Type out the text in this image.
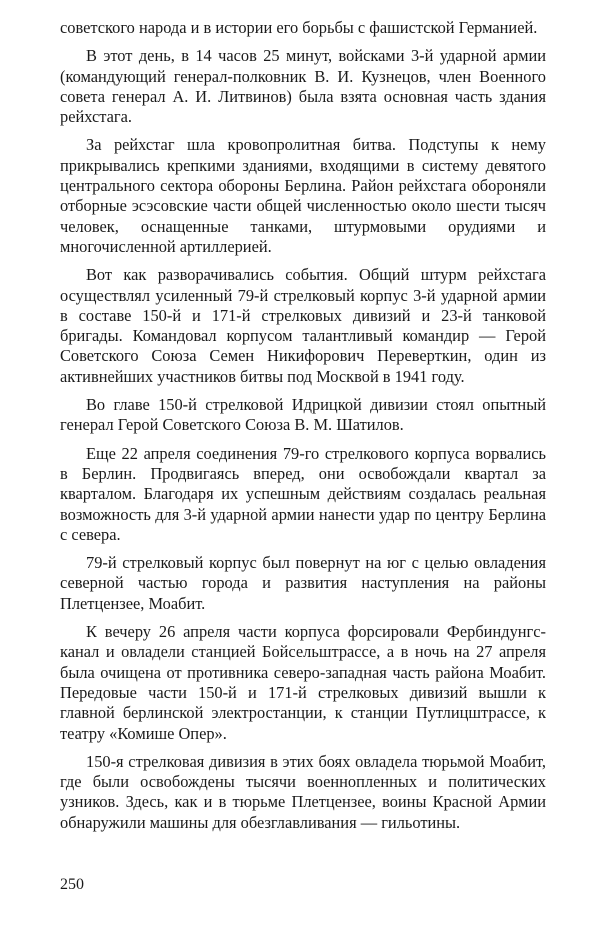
советского народа и в истории его борьбы с фашистской Германией.

В этот день, в 14 часов 25 минут, войсками 3-й ударной армии (командующий генерал-полковник В. И. Кузнецов, член Военного совета генерал А. И. Литвинов) была взята основная часть здания рейхстага.

За рейхстаг шла кровопролитная битва. Подступы к нему прикрывались крепкими зданиями, входящими в систему девятого центрального сектора обороны Берлина. Район рейхстага обороняли отборные эсэсовские части общей численностью около шести тысяч человек, оснащенные танками, штурмовыми орудиями и многочисленной артиллерией.

Вот как разворачивались события. Общий штурм рейхстага осуществлял усиленный 79-й стрелковый корпус 3-й ударной армии в составе 150-й и 171-й стрелковых дивизий и 23-й танковой бригады. Командовал корпусом талантливый командир — Герой Советского Союза Семен Никифорович Переверткин, один из активнейших участников битвы под Москвой в 1941 году.

Во главе 150-й стрелковой Идрицкой дивизии стоял опытный генерал Герой Советского Союза В. М. Шатилов.

Еще 22 апреля соединения 79-го стрелкового корпуса ворвались в Берлин. Продвигаясь вперед, они освобождали квартал за кварталом. Благодаря их успешным действиям создалась реальная возможность для 3-й ударной армии нанести удар по центру Берлина с севера.

79-й стрелковый корпус был повернут на юг с целью овладения северной частью города и развития наступления на районы Плетцензее, Моабит.

К вечеру 26 апреля части корпуса форсировали Фербиндунгс-канал и овладели станцией Бойсельштрассе, а в ночь на 27 апреля была очищена от противника северо-западная часть района Моабит. Передовые части 150-й и 171-й стрелковых дивизий вышли к главной берлинской электростанции, к станции Путлицштрассе, к театру «Комише Опер».

150-я стрелковая дивизия в этих боях овладела тюрьмой Моабит, где были освобождены тысячи военнопленных и политических узников. Здесь, как и в тюрьме Плетцензее, воины Красной Армии обнаружили машины для обезглавливания — гильотины.

250
